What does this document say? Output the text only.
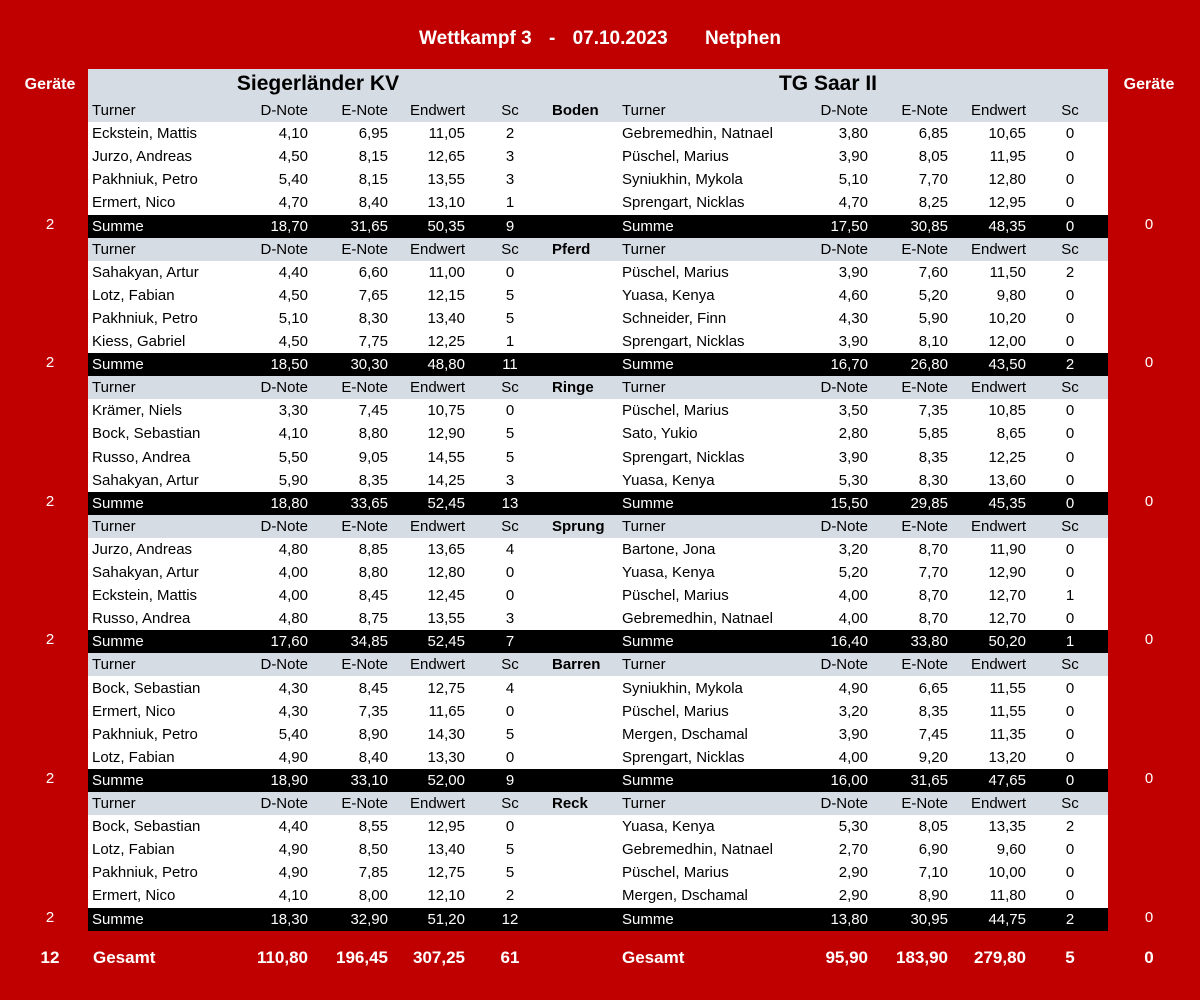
Wettkampf 3 - 07.10.2023 Netphen
Geräte	Geräte
Siegerländer KV	TG Saar II
Turner	D-Note	E-Note	Endwert	Sc	Boden	Turner	D-Note	E-Note	Endwert	Sc
Eckstein, Mattis	4,10	6,95	11,05	2	Gebremedhin, Natnael	3,80	6,85	10,65	0
Jurzo, Andreas	4,50	8,15	12,65	3	Püschel, Marius	3,90	8,05	11,95	0
Pakhniuk, Petro	5,40	8,15	13,55	3	Syniukhin, Mykola	5,10	7,70	12,80	0
Ermert, Nico	4,70	8,40	13,10	1	Sprengart, Nicklas	4,70	8,25	12,95	0
Summe	18,70	31,65	50,35	9	Summe	17,50	30,85	48,35	0
Turner	D-Note	E-Note	Endwert	Sc	Pferd	Turner	D-Note	E-Note	Endwert	Sc
Sahakyan, Artur	4,40	6,60	11,00	0	Püschel, Marius	3,90	7,60	11,50	2
Lotz, Fabian	4,50	7,65	12,15	5	Yuasa, Kenya	4,60	5,20	9,80	0
Pakhniuk, Petro	5,10	8,30	13,40	5	Schneider, Finn	4,30	5,90	10,20	0
Kiess, Gabriel	4,50	7,75	12,25	1	Sprengart, Nicklas	3,90	8,10	12,00	0
Summe	18,50	30,30	48,80	11	Summe	16,70	26,80	43,50	2
Turner	D-Note	E-Note	Endwert	Sc	Ringe	Turner	D-Note	E-Note	Endwert	Sc
Krämer, Niels	3,30	7,45	10,75	0	Püschel, Marius	3,50	7,35	10,85	0
Bock, Sebastian	4,10	8,80	12,90	5	Sato, Yukio	2,80	5,85	8,65	0
Russo, Andrea	5,50	9,05	14,55	5	Sprengart, Nicklas	3,90	8,35	12,25	0
Sahakyan, Artur	5,90	8,35	14,25	3	Yuasa, Kenya	5,30	8,30	13,60	0
Summe	18,80	33,65	52,45	13	Summe	15,50	29,85	45,35	0
Turner	D-Note	E-Note	Endwert	Sc	Sprung	Turner	D-Note	E-Note	Endwert	Sc
Jurzo, Andreas	4,80	8,85	13,65	4	Bartone, Jona	3,20	8,70	11,90	0
Sahakyan, Artur	4,00	8,80	12,80	0	Yuasa, Kenya	5,20	7,70	12,90	0
Eckstein, Mattis	4,00	8,45	12,45	0	Püschel, Marius	4,00	8,70	12,70	1
Russo, Andrea	4,80	8,75	13,55	3	Gebremedhin, Natnael	4,00	8,70	12,70	0
Summe	17,60	34,85	52,45	7	Summe	16,40	33,80	50,20	1
Turner	D-Note	E-Note	Endwert	Sc	Barren	Turner	D-Note	E-Note	Endwert	Sc
Bock, Sebastian	4,30	8,45	12,75	4	Syniukhin, Mykola	4,90	6,65	11,55	0
Ermert, Nico	4,30	7,35	11,65	0	Püschel, Marius	3,20	8,35	11,55	0
Pakhniuk, Petro	5,40	8,90	14,30	5	Mergen, Dschamal	3,90	7,45	11,35	0
Lotz, Fabian	4,90	8,40	13,30	0	Sprengart, Nicklas	4,00	9,20	13,20	0
Summe	18,90	33,10	52,00	9	Summe	16,00	31,65	47,65	0
Turner	D-Note	E-Note	Endwert	Sc	Reck	Turner	D-Note	E-Note	Endwert	Sc
Bock, Sebastian	4,40	8,55	12,95	0	Yuasa, Kenya	5,30	8,05	13,35	2
Lotz, Fabian	4,90	8,50	13,40	5	Gebremedhin, Natnael	2,70	6,90	9,60	0
Pakhniuk, Petro	4,90	7,85	12,75	5	Püschel, Marius	2,90	7,10	10,00	0
Ermert, Nico	4,10	8,00	12,10	2	Mergen, Dschamal	2,90	8,90	11,80	0
Summe	18,30	32,90	51,20	12	Summe	13,80	30,95	44,75	2
2	0
2	0
2	0
2	0
2	0
2	0
12	Gesamt	110,80	196,45	307,25	61	Gesamt	95,90	183,90	279,80	5	0
